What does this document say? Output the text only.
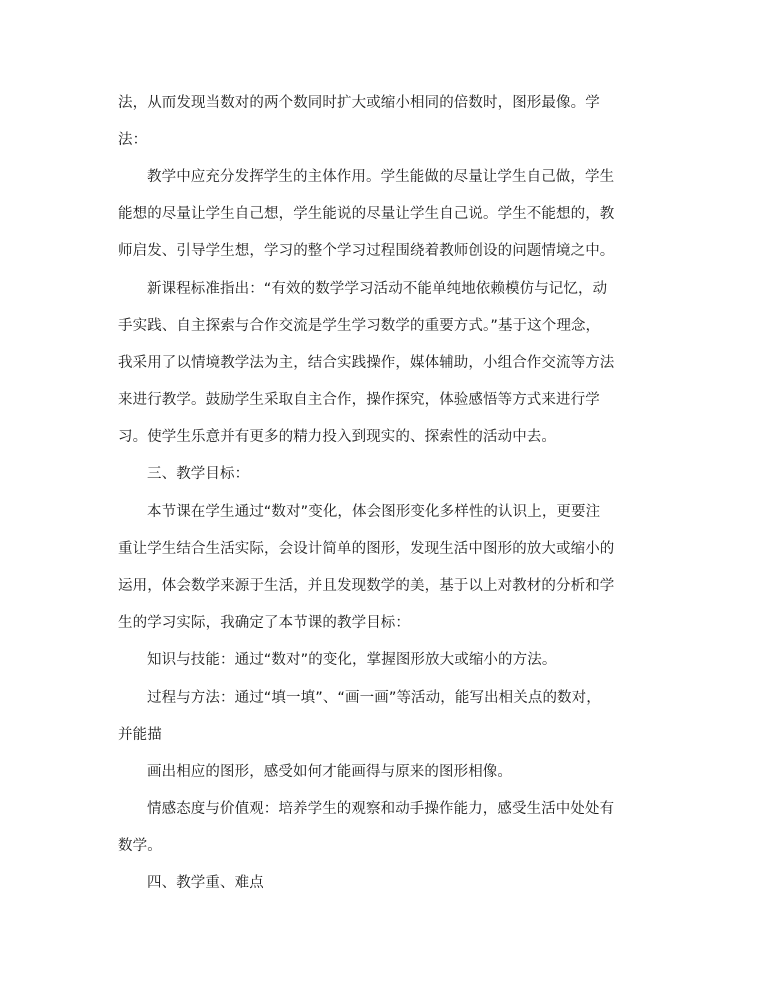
法，从而发现当数对的两个数同时扩大或缩小相同的倍数时，图形最像。学
法：
教学中应充分发挥学生的主体作用。学生能做的尽量让学生自己做，学生
能想的尽量让学生自己想，学生能说的尽量让学生自己说。学生不能想的，教
师启发、引导学生想，学习的整个学习过程围绕着教师创设的问题情境之中。
新课程标准指出：“有效的数学学习活动不能单纯地依赖模仿与记忆，动
手实践、自主探索与合作交流是学生学习数学的重要方式。”基于这个理念，
我采用了以情境教学法为主，结合实践操作，媒体辅助，小组合作交流等方法
来进行教学。鼓励学生采取自主合作，操作探究，体验感悟等方式来进行学
习。使学生乐意并有更多的精力投入到现实的、探索性的活动中去。
三、教学目标：
本节课在学生通过“数对”变化，体会图形变化多样性的认识上，更要注
重让学生结合生活实际，会设计简单的图形，发现生活中图形的放大或缩小的
运用，体会数学来源于生活，并且发现数学的美，基于以上对教材的分析和学
生的学习实际，我确定了本节课的教学目标：
知识与技能：通过“数对”的变化，掌握图形放大或缩小的方法。
过程与方法：通过“填一填”、“画一画”等活动，能写出相关点的数对，
并能描
画出相应的图形，感受如何才能画得与原来的图形相像。
情感态度与价值观：培养学生的观察和动手操作能力，感受生活中处处有
数学。
四、教学重、难点
